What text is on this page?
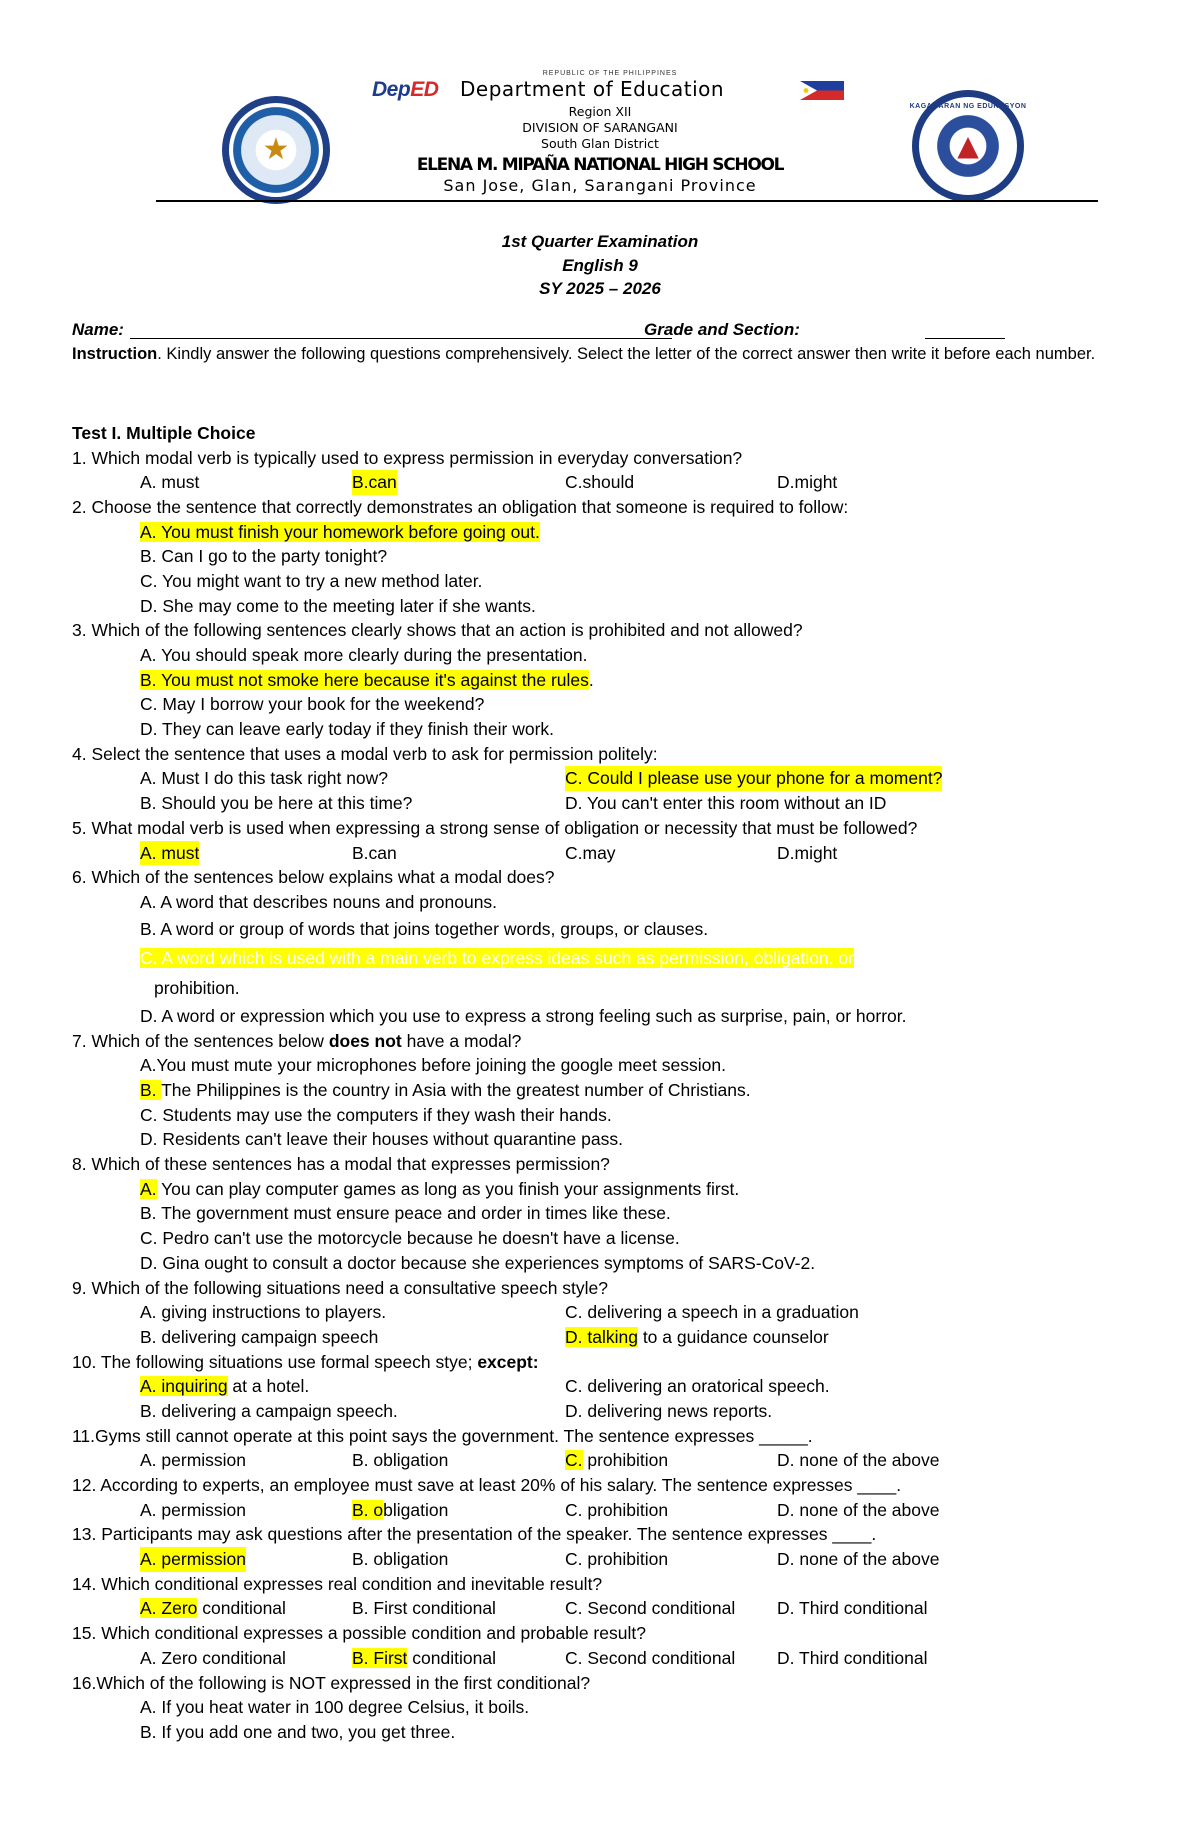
★
REPUBLIC OF THE PHILIPPINES
DepED Department of Education
Region XII
DIVISION OF SARANGANI
South Glan District
ELENA M. MIPAÑA NATIONAL HIGH SCHOOL
San Jose, Glan, Sarangani Province
KAGAWARAN NG EDUKASYON
▲
1st Quarter Examination
English 9
SY 2025 – 2026
Name:	Grade and Section:
Instruction. Kindly answer the following questions comprehensively. Select the letter of the correct answer then write it before each number.
Test I. Multiple Choice
1. Which modal verb is typically used to express permission in everyday conversation?
A. must	B.can	C.should	D.might
2. Choose the sentence that correctly demonstrates an obligation that someone is required to follow:
A. You must finish your homework before going out.
B. Can I go to the party tonight?
C. You might want to try a new method later.
D. She may come to the meeting later if she wants.
3. Which of the following sentences clearly shows that an action is prohibited and not allowed?
A. You should speak more clearly during the presentation.
B. You must not smoke here because it's against the rules.
C. May I borrow your book for the weekend?
D. They can leave early today if they finish their work.
4. Select the sentence that uses a modal verb to ask for permission politely:
A. Must I do this task right now?	C. Could I please use your phone for a moment?
B. Should you be here at this time?	D. You can't enter this room without an ID
5. What modal verb is used when expressing a strong sense of obligation or necessity that must be followed?
A. must	B.can	C.may	D.might
6. Which of the sentences below explains what a modal does?
A. A word that describes nouns and pronouns.
B. A word or group of words that joins together words, groups, or clauses.
C. A word which is used with a main verb to express ideas such as permission, obligation, or
prohibition.
D. A word or expression which you use to express a strong feeling such as surprise, pain, or horror.
7. Which of the sentences below does not have a modal?
A.You must mute your microphones before joining the google meet session.
B. The Philippines is the country in Asia with the greatest number of Christians.
C. Students may use the computers if they wash their hands.
D. Residents can't leave their houses without quarantine pass.
8. Which of these sentences has a modal that expresses permission?
A. You can play computer games as long as you finish your assignments first.
B. The government must ensure peace and order in times like these.
C. Pedro can't use the motorcycle because he doesn't have a license.
D. Gina ought to consult a doctor because she experiences symptoms of SARS-CoV-2.
9. Which of the following situations need a consultative speech style?
A. giving instructions to players.	C. delivering a speech in a graduation
B. delivering campaign speech	D. talking to a guidance counselor
10. The following situations use formal speech stye; except:
A. inquiring at a hotel.	C. delivering an oratorical speech.
B. delivering a campaign speech.	D. delivering news reports.
11.Gyms still cannot operate at this point says the government. The sentence expresses _____.
A. permission	B. obligation	C. prohibition	D. none of the above
12. According to experts, an employee must save at least 20% of his salary. The sentence expresses ____.
A. permission	B. obligation	C. prohibition	D. none of the above
13. Participants may ask questions after the presentation of the speaker. The sentence expresses ____.
A. permission	B. obligation	C. prohibition	D. none of the above
14. Which conditional expresses real condition and inevitable result?
A. Zero conditional	B. First conditional	C. Second conditional D. Third conditional
15. Which conditional expresses a possible condition and probable result?
A. Zero conditional	B. First conditional	C. Second conditional D. Third conditional
16.Which of the following is NOT expressed in the first conditional?
A. If you heat water in 100 degree Celsius, it boils.
B. If you add one and two, you get three.
